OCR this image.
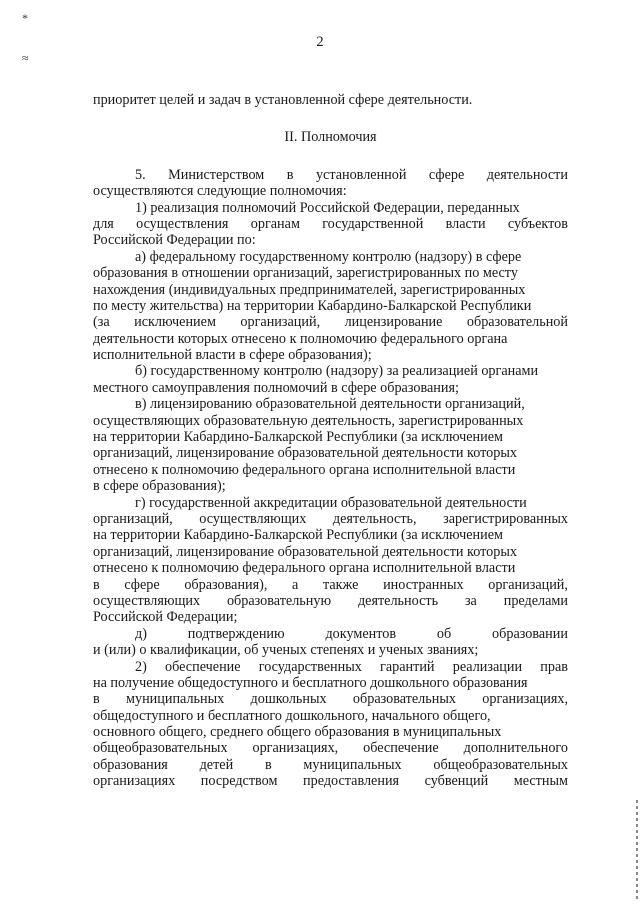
*
≈
2
приоритет целей и задач в установленной сфере деятельности.
II. Полномочия
5. Министерством в установленной сфере деятельности
осуществляются следующие полномочия:
1) реализация полномочий Российской Федерации, переданных
для осуществления органам государственной власти субъектов
Российской Федерации по:
а) федеральному государственному контролю (надзору) в сфере
образования в отношении организаций, зарегистрированных по месту
нахождения (индивидуальных предпринимателей, зарегистрированных
по месту жительства) на территории Кабардино-Балкарской Республики
(за исключением организаций, лицензирование образовательной
деятельности которых отнесено к полномочию федерального органа
исполнительной власти в сфере образования);
б) государственному контролю (надзору) за реализацией органами
местного самоуправления полномочий в сфере образования;
в) лицензированию образовательной деятельности организаций,
осуществляющих образовательную деятельность, зарегистрированных
на территории Кабардино-Балкарской Республики (за исключением
организаций, лицензирование образовательной деятельности которых
отнесено к полномочию федерального органа исполнительной власти
в сфере образования);
г) государственной аккредитации образовательной деятельности
организаций, осуществляющих деятельность, зарегистрированных
на территории Кабардино-Балкарской Республики (за исключением
организаций, лицензирование образовательной деятельности которых
отнесено к полномочию федерального органа исполнительной власти
в сфере образования), а также иностранных организаций,
осуществляющих образовательную деятельность за пределами
Российской Федерации;
д)	подтверждению	документов	об	образовании
и (или) о квалификации, об ученых степенях и ученых званиях;
2) обеспечение государственных гарантий реализации прав
на получение общедоступного и бесплатного дошкольного образования
в муниципальных дошкольных образовательных организациях,
общедоступного и бесплатного дошкольного, начального общего,
основного общего, среднего общего образования в муниципальных
общеобразовательных организациях, обеспечение дополнительного
образования детей в муниципальных общеобразовательных
организациях посредством предоставления субвенций местным
